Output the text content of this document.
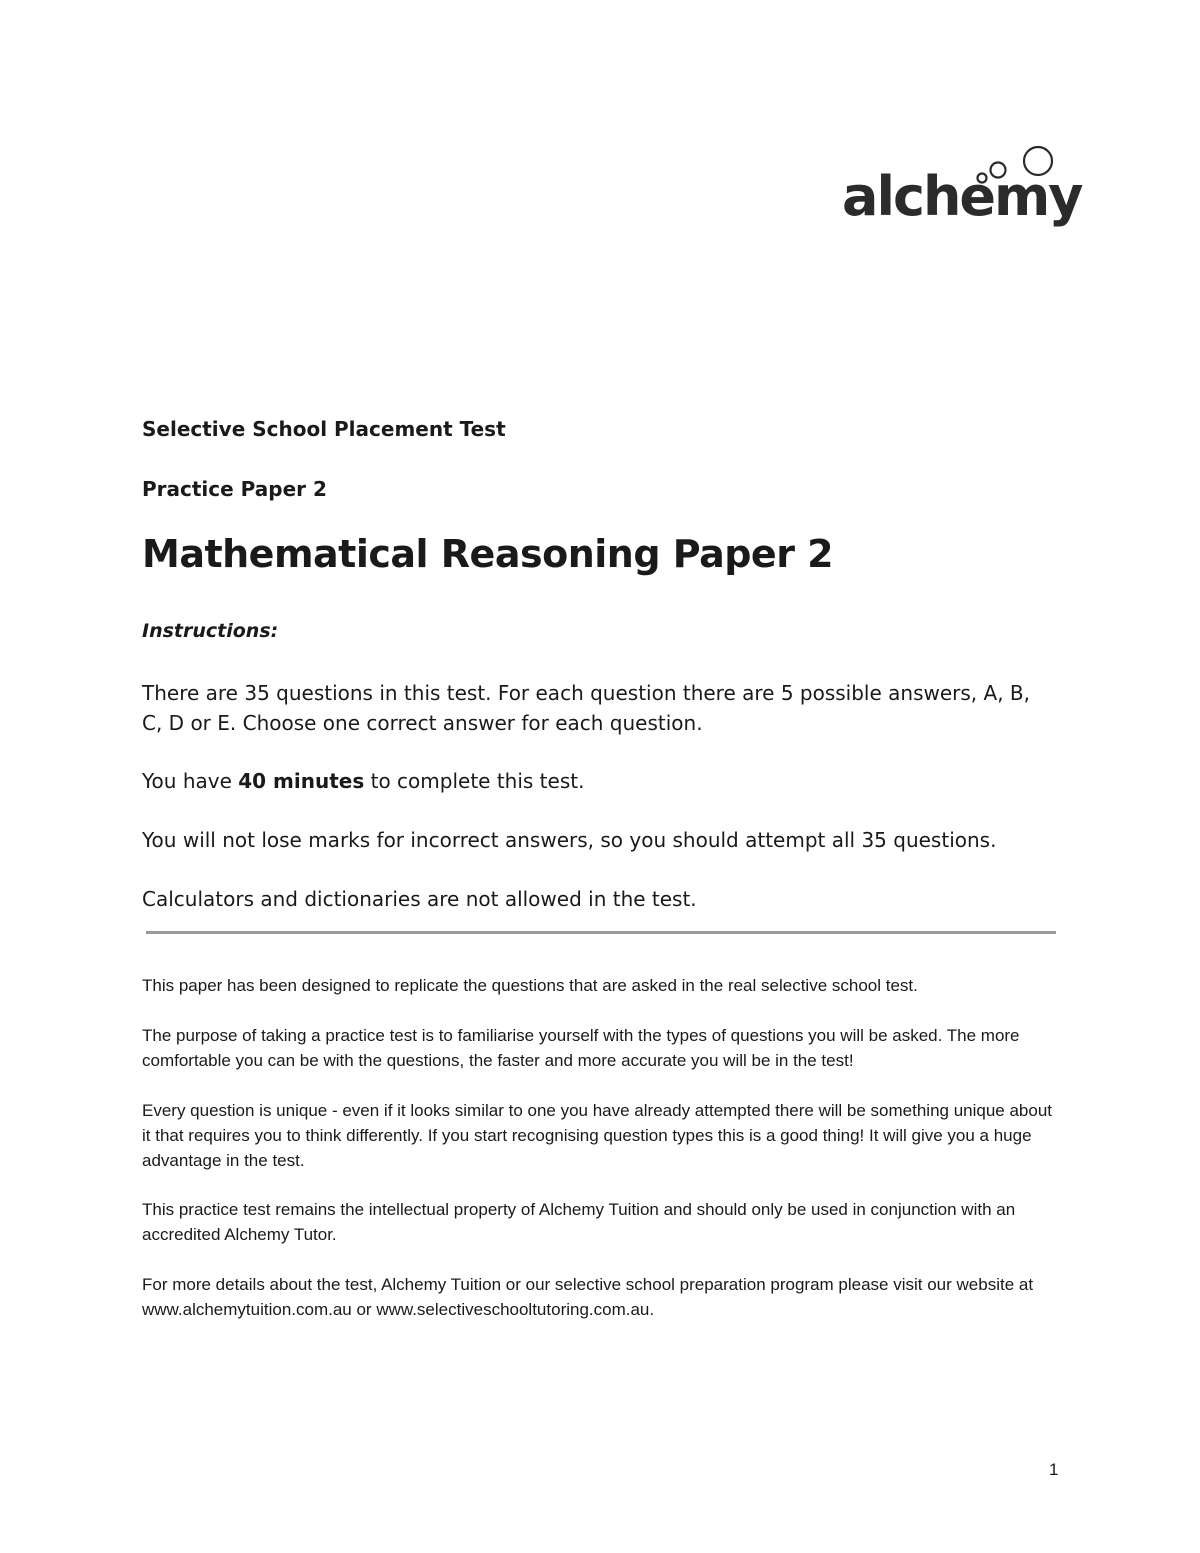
alchemy
Selective School Placement Test
Practice Paper 2
Mathematical Reasoning Paper 2
Instructions:
There are 35 questions in this test. For each question there are 5 possible answers, A, B, C, D or E. Choose one correct answer for each question.
You have 40 minutes to complete this test.
You will not lose marks for incorrect answers, so you should attempt all 35 questions.
Calculators and dictionaries are not allowed in the test.
This paper has been designed to replicate the questions that are asked in the real selective school test.
The purpose of taking a practice test is to familiarise yourself with the types of questions you will be asked. The more comfortable you can be with the questions, the faster and more accurate you will be in the test!
Every question is unique - even if it looks similar to one you have already attempted there will be something unique about it that requires you to think differently. If you start recognising question types this is a good thing! It will give you a huge advantage in the test.
This practice test remains the intellectual property of Alchemy Tuition and should only be used in conjunction with an accredited Alchemy Tutor.
For more details about the test, Alchemy Tuition or our selective school preparation program please visit our website at www.alchemytuition.com.au or www.selectiveschooltutoring.com.au.
1
